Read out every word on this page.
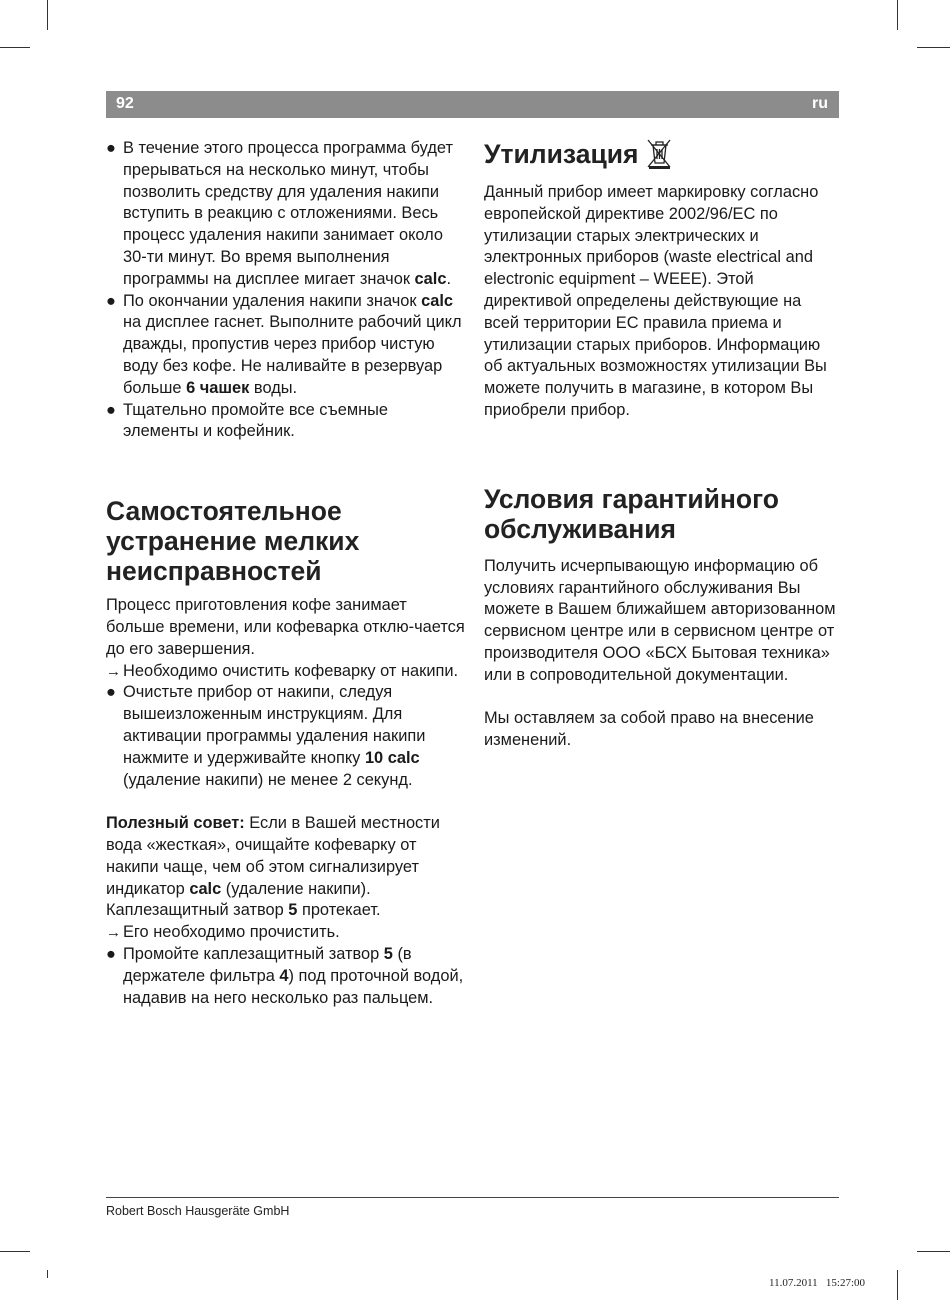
92	ru
● В течение этого процесса программа будет прерываться на несколько минут, чтобы позволить средству для удаления накипи вступить в реакцию с отложениями. Весь процесс удаления накипи занимает около 30-ти минут. Во время выполнения программы на дисплее мигает значок calc.
● По окончании удаления накипи значок calc на дисплее гаснет. Выполните рабочий цикл дважды, пропустив через прибор чистую воду без кофе. Не наливайте в резервуар больше 6 чашек воды.
● Тщательно промойте все съемные элементы и кофейник.
Самостоятельное устранение мелких неисправностей

Процесс приготовления кофе занимает больше времени, или кофеварка отклю-чается до его завершения.

→ Необходимо очистить кофеварку от накипи.
● Очистьте прибор от накипи, следуя вышеизложенным инструкциям. Для активации программы удаления накипи нажмите и удерживайте кнопку 10 calc (удаление накипи) не менее 2 секунд.

Полезный совет: Если в Вашей местности вода «жесткая», очищайте кофеварку от накипи чаще, чем об этом сигнализирует индикатор calc (удаление накипи).

Каплезащитный затвор 5 протекает.

→ Его необходимо прочистить.
● Промойте каплезащитный затвор 5 (в держателе фильтра 4) под проточной водой, надавив на него несколько раз пальцем.
Утилизация

Данный прибор имеет маркировку согласно европейской директиве 2002/96/EC по утилизации старых электрических и электронных приборов (waste electrical and electronic equipment – WEEE). Этой директивой определены действующие на всей территории ЕС правила приема и утилизации старых приборов. Информацию об актуальных возможностях утилизации Вы можете получить в магазине, в котором Вы приобрели прибор.

Условия гарантийного обслуживания

Получить исчерпывающую информацию об условиях гарантийного обслуживания Вы можете в Вашем ближайшем авторизованном сервисном центре или в сервисном центре от производителя ООО «БСХ Бытовая техника» или в сопроводительной документации.

Мы оставляем за собой право на внесение изменений.

Robert Bosch Hausgeräte GmbH
11.07.2011   15:27:00
